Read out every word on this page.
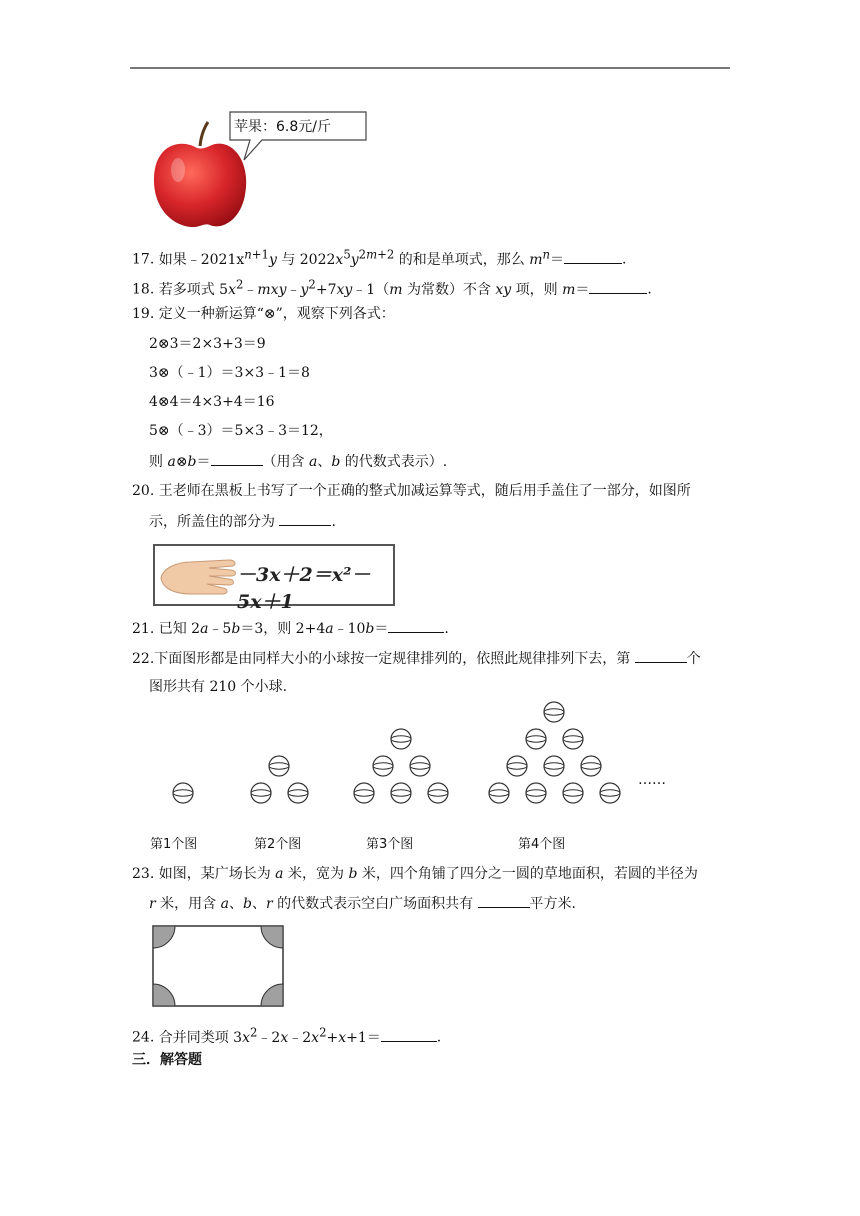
苹果：6.8元/斤
17. 如果$﹣2021x^{n+1}y$ 与 $2022x^5y^{2m+2}$ 的和是单项式，那么 $m^n=$	.
18. 若多项式 $5x^2﹣mxy﹣y^2+7xy﹣1(m$ 为常数）不含 xy 项，则 m＝	.
19. 定义一种新运算“⊗”，观察下列各式：
2⊗3＝2×3+3＝9
3⊗（﹣1）＝3×3﹣1＝8
4⊗4＝4×3+4＝16
5⊗（﹣3）＝5×3﹣3＝12，
则 a⊗b＝	（用含 a、b 的代数式表示）.
20. 王老师在黑板上书写了一个正确的整式加减运算等式，随后用手盖住了一部分，如图所
示，所盖住的部分为	.
－3x＋2＝x²－5x＋1
21. 已知 2a﹣5b＝3，则 2+4a﹣10b＝	.
22.下面图形都是由同样大小的小球按一定规律排列的，依照此规律排列下去，第	个
图形共有 210 个小球.
第1个图	第2个图	第3个图	第4个图
……
23. 如图，某广场长为 a 米，宽为 b 米，四个角铺了四分之一圆的草地面积，若圆的半径为
r 米，用含 a、b、r 的代数式表示空白广场面积共有	平方米.
24. 合并同类项 $3x^2﹣2x﹣2x^2+x+1=$	.
三．解答题
